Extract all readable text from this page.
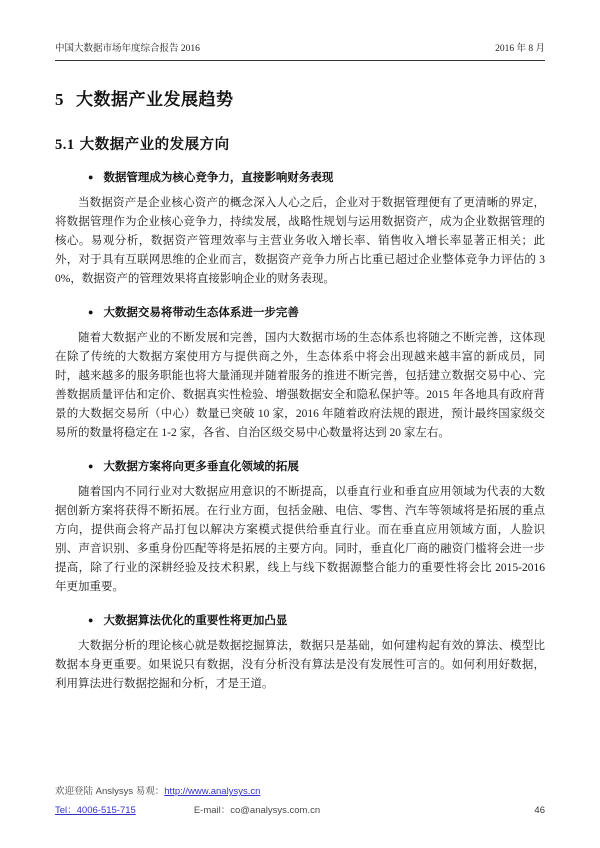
中国大数据市场年度综合报告 2016	2016 年 8 月
5 大数据产业发展趋势
5.1 大数据产业的发展方向
● 数据管理成为核心竞争力，直接影响财务表现

当数据资产是企业核心资产的概念深入人心之后，企业对于数据管理便有了更清晰的界定，将数据管理作为企业核心竞争力，持续发展，战略性规划与运用数据资产，成为企业数据管理的核心。易观分析，数据资产管理效率与主营业务收入增长率、销售收入增长率显著正相关；此外，对于具有互联网思维的企业而言，数据资产竞争力所占比重已超过企业整体竞争力评估的 30%，数据资产的管理效果将直接影响企业的财务表现。

● 大数据交易将带动生态体系进一步完善

随着大数据产业的不断发展和完善，国内大数据市场的生态体系也将随之不断完善，这体现在除了传统的大数据方案使用方与提供商之外，生态体系中将会出现越来越丰富的新成员，同时，越来越多的服务职能也将大量涌现并随着服务的推进不断完善，包括建立数据交易中心、完善数据质量评估和定价、数据真实性检验、增强数据安全和隐私保护等。2015 年各地具有政府背景的大数据交易所（中心）数量已突破 10 家，2016 年随着政府法规的跟进，预计最终国家级交易所的数量将稳定在 1-2 家，各省、自治区级交易中心数量将达到 20 家左右。

● 大数据方案将向更多垂直化领域的拓展

随着国内不同行业对大数据应用意识的不断提高，以垂直行业和垂直应用领域为代表的大数据创新方案将获得不断拓展。在行业方面，包括金融、电信、零售、汽车等领域将是拓展的重点方向，提供商会将产品打包以解决方案模式提供给垂直行业。而在垂直应用领域方面，人脸识别、声音识别、多重身份匹配等将是拓展的主要方向。同时，垂直化厂商的融资门槛将会进一步提高，除了行业的深耕经验及技术积累，线上与线下数据源整合能力的重要性将会比 2015-2016 年更加重要。

● 大数据算法优化的重要性将更加凸显

大数据分析的理论核心就是数据挖掘算法，数据只是基础，如何建构起有效的算法、模型比数据本身更重要。如果说只有数据，没有分析没有算法是没有发展性可言的。如何利用好数据，利用算法进行数据挖掘和分析，才是王道。

欢迎登陆 Anslysys 易观：http://www.analysys.cn
Tel：4006-515-715	E-mail：co@analysys.com.cn	46
